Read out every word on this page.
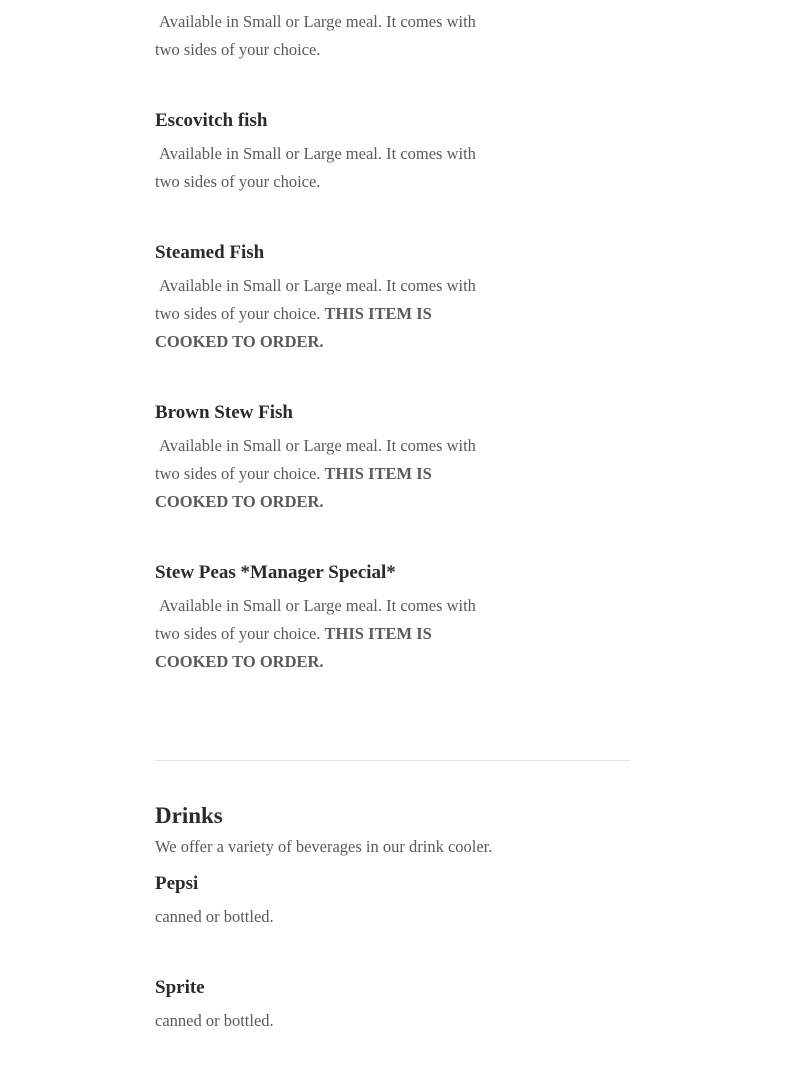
Available in Small or Large meal. It comes with two sides of your choice.

Escovitch fish

Available in Small or Large meal. It comes with two sides of your choice.

Steamed Fish

Available in Small or Large meal. It comes with two sides of your choice. THIS ITEM IS COOKED TO ORDER.

Brown Stew Fish

Available in Small or Large meal. It comes with two sides of your choice. THIS ITEM IS COOKED TO ORDER.

Stew Peas *Manager Special*

Available in Small or Large meal. It comes with two sides of your choice. THIS ITEM IS COOKED TO ORDER.

Drinks

We offer a variety of beverages in our drink cooler.

Pepsi

canned or bottled.

Sprite

canned or bottled.
